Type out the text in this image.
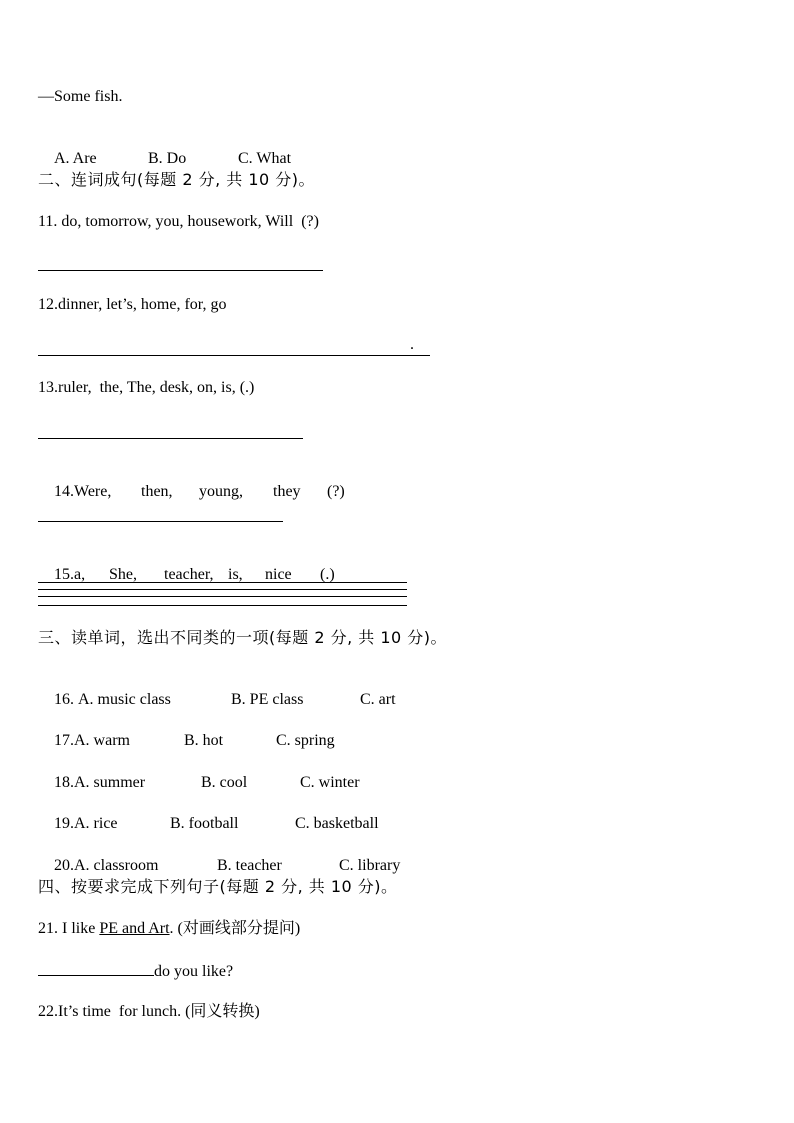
—Some fish.

A. Are	B. Do	C. What

二、连词成句(每题 2 分, 共 10 分)。
11. do, tomorrow, you, housework, Will  (?)
12.dinner, let’s, home, for, go
.
13.ruler,  the, The, desk, on, is, (.)

14.Were, then, young, they (?)

15.a, She, teacher, is, nice (.)

三、读单词，选出不同类的一项(每题 2 分, 共 10 分)。

16. A. music class	B. PE class	C. art

17.A. warm	B. hot	C. spring

18.A. summer	B. cool	C. winter

19.A. rice	B. football	C. basketball

20.A. classroom	B. teacher	C. library

四、按要求完成下列句子(每题 2 分, 共 10 分)。
21. I like PE and Art. (对画线部分提问)
do you like?
22.It’s time  for lunch. (同义转换)
